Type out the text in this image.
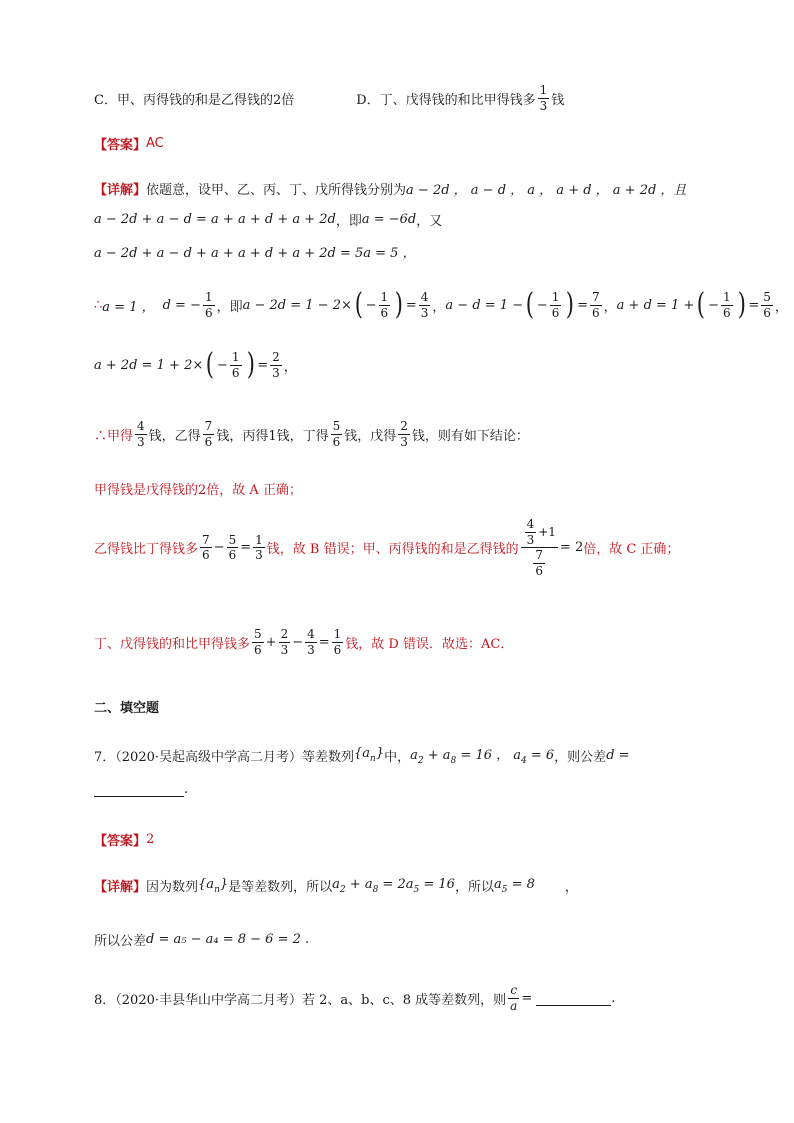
C．甲、丙得钱的和是乙得钱的2倍	D．丁、戊得钱的和比甲得钱多 $\frac{1}{3}$ 钱
【答案】 AC
【详解】 依题意，设甲、乙、丙、丁、戊所得钱分别为 a − 2d ， a − d ， a ， a + d ， a + 2d ，且
a − 2d + a − d = a + a + d + a + 2d ，即 a = −6d ，又
a − 2d + a − d + a + a + d + a + 2d = 5a = 5 ，
∴ a = 1 ， d = − $\frac{1}{6}$ ，即 a − 2d = 1 − 2× ( − $\frac{1}{6}$ ) = $\frac{4}{3}$ ， a − d = 1 − ( − $\frac{1}{6}$ ) = $\frac{7}{6}$ ， a + d = 1 + ( − $\frac{1}{6}$ ) = $\frac{5}{6}$ ，
a + 2d = 1 + 2× ( − $\frac{1}{6}$ ) = $\frac{2}{3}$ ，
∴甲得 $\frac{4}{3}$ 钱，乙得 $\frac{7}{6}$ 钱，丙得1钱，丁得 $\frac{5}{6}$ 钱，戊得 $\frac{2}{3}$ 钱，则有如下结论：
甲得钱是戊得钱的2倍，故 A 正确；
乙得钱比丁得钱多 $\frac{7}{6} - \frac{5}{6} = \frac{1}{3}$ 钱，故 B 错误；甲、丙得钱的和是乙得钱的 $\frac{\frac{4}{3} +1}{\frac{7}{6}} = 2$ 倍，故 C 正确；
丁、戊得钱的和比甲得钱多 $\frac{5}{6} + \frac{2}{3} - \frac{4}{3} = \frac{1}{6}$ 钱，故 D 错误．故选：AC．
二、填空题
7．（2020·吴起高级中学高二月考）等差数列 $\{a_n\}$ 中， $a_2 + a_8 = 16$ ， $a_4 = 6$ ，则公差 d =
.
【答案】 2
【详解】 因为数列 $\{a_n\}$ 是等差数列，所以 $a_2 + a_8 = 2a_5 = 16$ ，所以 $a_5 = 8$ ，
所以公差 d = a₅ − a₄ = 8 − 6 = 2 .
8．（2020·丰县华山中学高二月考）若 2、a、b、c、8 成等差数列，则 $\frac{c}{a}$ =	.
